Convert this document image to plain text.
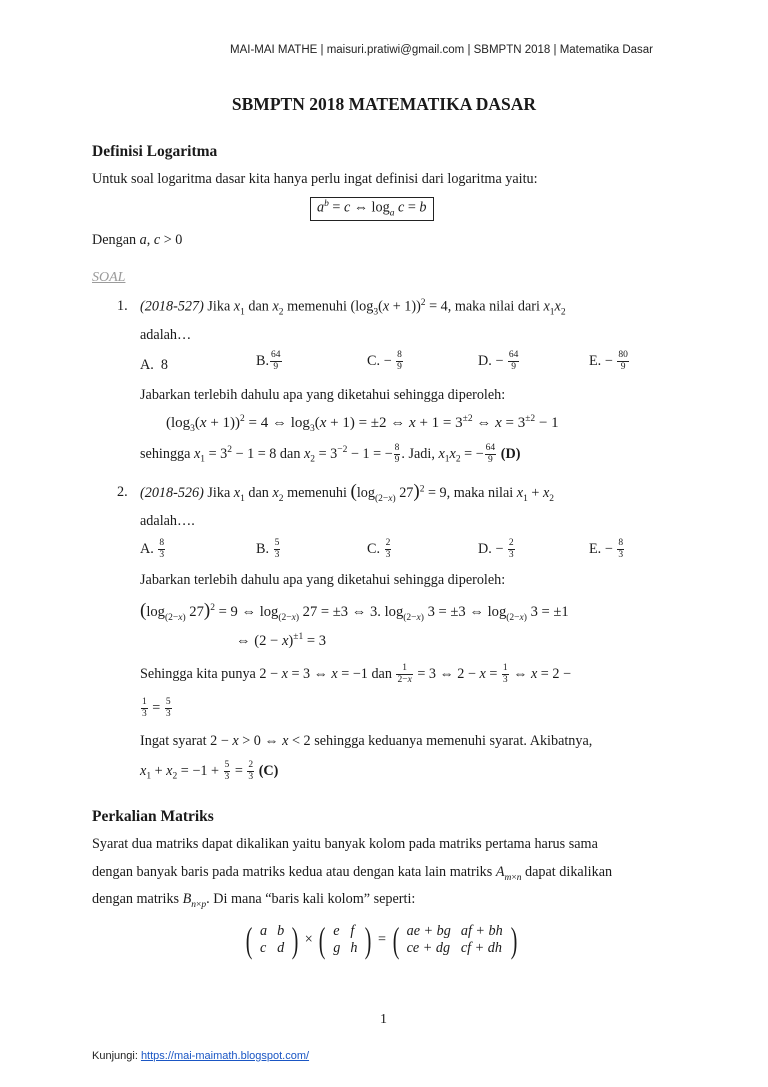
MAI-MAI MATHE | maisuri.pratiwi@gmail.com | SBMPTN 2018 | Matematika Dasar
SBMPTN 2018 MATEMATIKA DASAR
Definisi Logaritma
Untuk soal logaritma dasar kita hanya perlu ingat definisi dari logaritma yaitu:
$a^b = c$ ⇔ $\log_a c = b$
Dengan a, c > 0
SOAL
1. (2018-527) Jika $x_1$ dan $x_2$ memenuhi $(\log_3(x + 1))^2 = 4$, maka nilai dari $x_1x_2$
adalah…
A. 8	B. $\frac{64}{9}$	C. − $\frac{8}{9}$	D. − $\frac{64}{9}$	E. − $\frac{80}{9}$
Jabarkan terlebih dahulu apa yang diketahui sehingga diperoleh:
$(\log_3(x + 1))^2 = 4$ ⇔ $\log_3(x + 1) = \pm 2$ ⇔ $x + 1 = 3^{\pm 2}$ ⇔ $x = 3^{\pm 2} - 1$
sehingga $x_1 = 3^2 - 1 = 8$ dan $x_2 = 3^{-2} - 1$ = − $\frac{8}{9}$ . Jadi, $x_1x_2$ = − $\frac{64}{9} (D)$
2. (2018-526) Jika $x_1$ dan $x_2$ memenuhi ($\log_{(2-x)}$ 27)$^2$ = 9, maka nilai $x_1 + x_2$
adalah….
A. $\frac{8}{3}$	B. $\frac{5}{3}$	C. $\frac{2}{3}$	D. − $\frac{2}{3}$	E. − $\frac{8}{3}$
Jabarkan terlebih dahulu apa yang diketahui sehingga diperoleh:
($\log_{(2-x)}$ 27)$^2$ = 9 ⇔ $\log_{(2-x)} 27 = \pm 3$ ⇔ 3. $\log_{(2-x)} 3 = \pm 3$ ⇔ $\log_{(2-x)} 3 = \pm 1$
⇔ $(2 - x)^{\pm 1} = 3$
Sehingga kita punya 2 − x = 3 ⇔ x = −1 dan $\frac{1}{2-x} = 3$ ⇔ $2 - x = \frac{1}{3}$ ⇔ x = 2 −
$\frac{1}{3} = \frac{5}{3}$
Ingat syarat 2 − x > 0 ⇔ x < 2 sehingga keduanya memenuhi syarat. Akibatnya,
$x_1 + x_2 = -1 + \frac{5}{3} = \frac{2}{3} (C)$
Perkalian Matriks
Syarat dua matriks dapat dikalikan yaitu banyak kolom pada matriks pertama harus sama
dengan banyak baris pada matriks kedua atau dengan kata lain matriks $A_{m\times n}$ dapat dikalikan
dengan matriks $B_{n\times p}$. Di mana “baris kali kolom” seperti:
( a	b
c	d ) × ( e	f
g	h ) = ( ae + bg	af + bh
ce + dg	cf + dh )
1
Kunjungi: https://mai-maimath.blogspot.com/
